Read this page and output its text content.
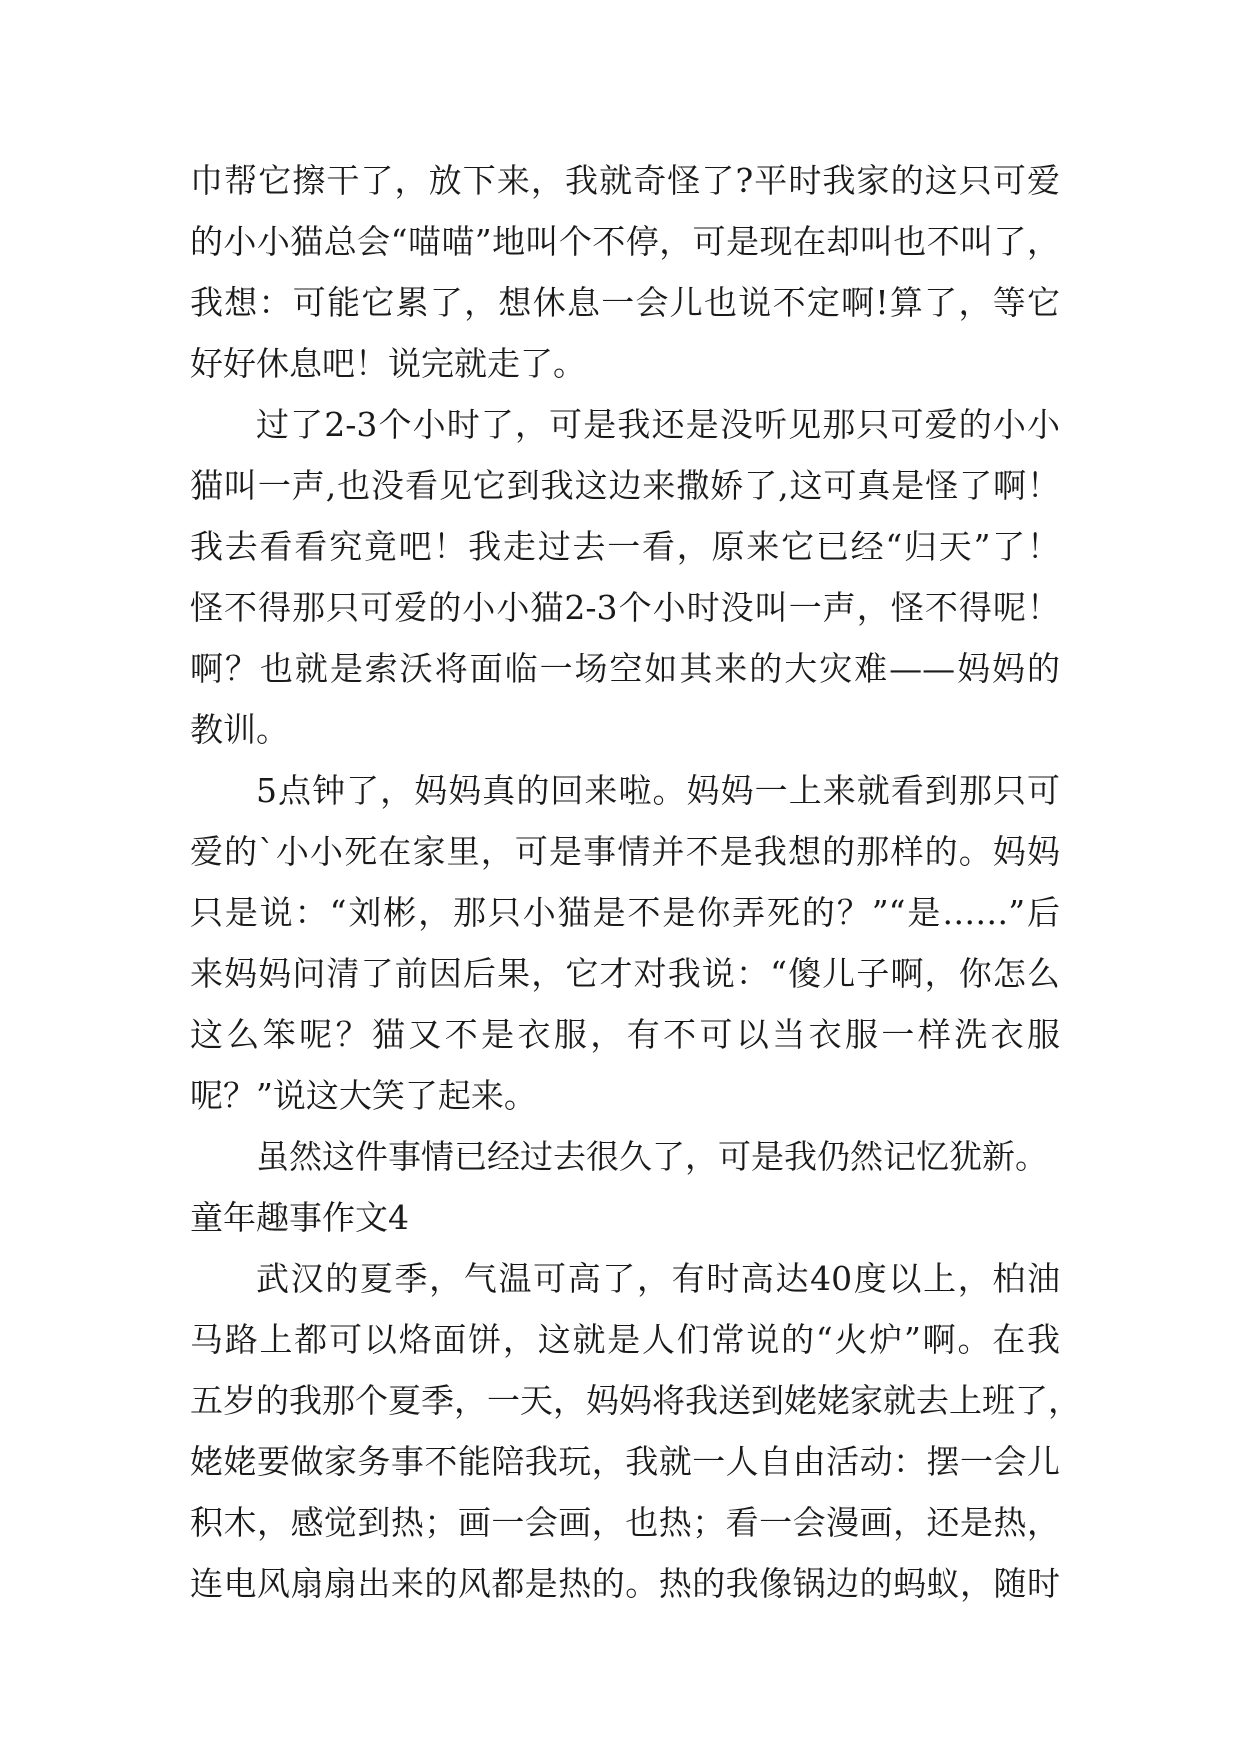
巾帮它擦干了，放下来，我就奇怪了?平时我家的这只可爱
的小小猫总会“喵喵”地叫个不停，可是现在却叫也不叫了，
我想：可能它累了，想休息一会儿也说不定啊!算了，等它
好好休息吧！说完就走了。
过了2-3个小时了，可是我还是没听见那只可爱的小小
猫叫一声,也没看见它到我这边来撒娇了,这可真是怪了啊！
我去看看究竟吧！我走过去一看，原来它已经“归天”了！
怪不得那只可爱的小小猫2-3个小时没叫一声，怪不得呢！
啊？也就是索沃将面临一场空如其来的大灾难——妈妈的
教训。
5点钟了，妈妈真的回来啦。妈妈一上来就看到那只可
爱的`小小死在家里，可是事情并不是我想的那样的。妈妈
只是说：“刘彬，那只小猫是不是你弄死的？”“是……”后
来妈妈问清了前因后果，它才对我说：“傻儿子啊，你怎么
这么笨呢？猫又不是衣服，有不可以当衣服一样洗衣服
呢？”说这大笑了起来。
虽然这件事情已经过去很久了，可是我仍然记忆犹新。
童年趣事作文4
武汉的夏季，气温可高了，有时高达40度以上，柏油
马路上都可以烙面饼，这就是人们常说的“火炉”啊。在我
五岁的我那个夏季，一天，妈妈将我送到姥姥家就去上班了，
姥姥要做家务事不能陪我玩，我就一人自由活动：摆一会儿
积木，感觉到热；画一会画，也热；看一会漫画，还是热，
连电风扇扇出来的风都是热的。热的我像锅边的蚂蚁，随时
